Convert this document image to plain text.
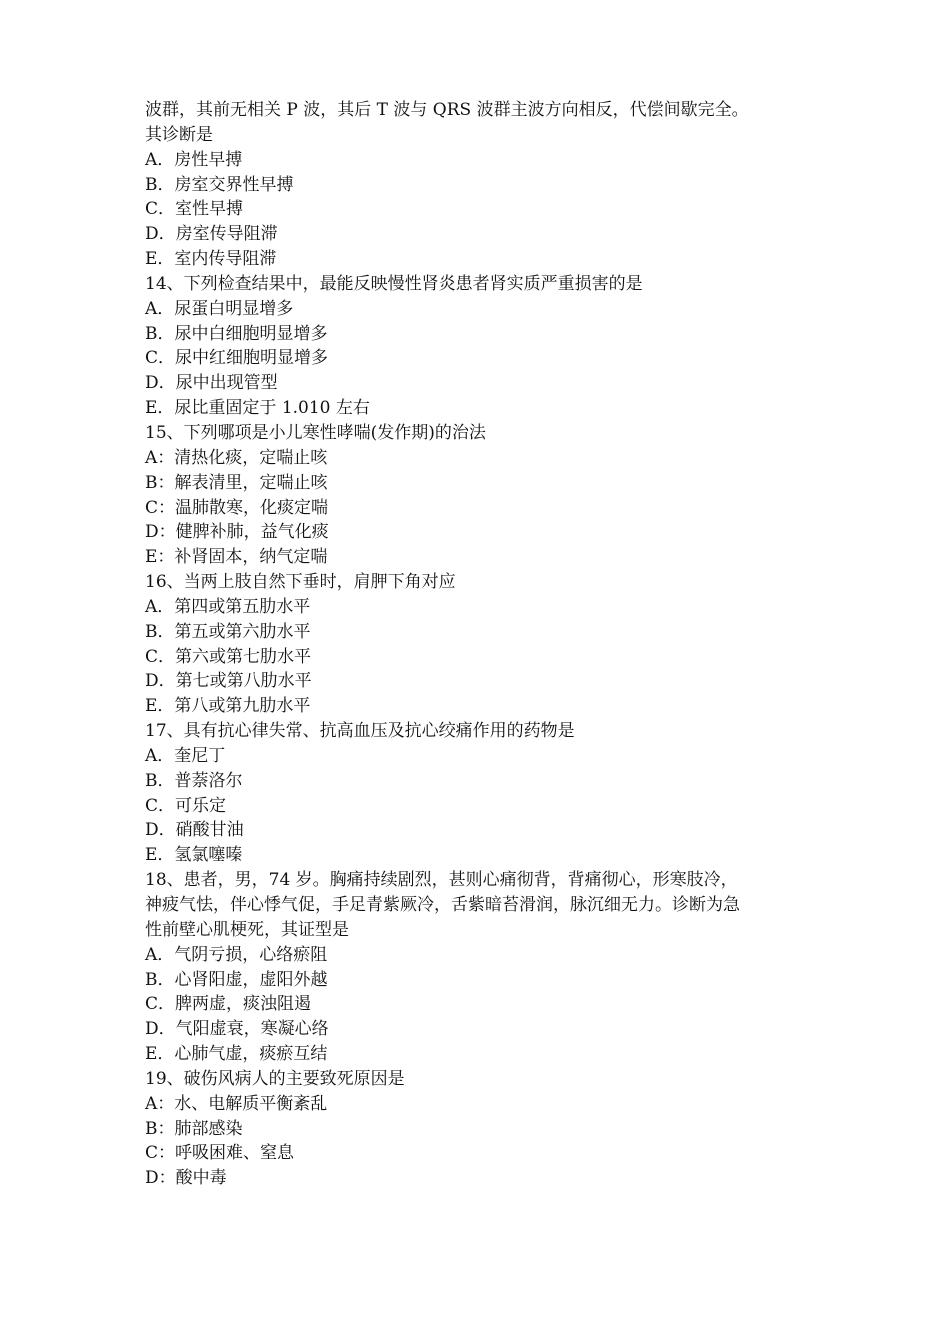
波群，其前无相关 P 波，其后 T 波与 QRS 波群主波方向相反，代偿间歇完全。
其诊断是
A．房性早搏
B．房室交界性早搏
C．室性早搏
D．房室传导阻滞
E．室内传导阻滞
14、下列检查结果中，最能反映慢性肾炎患者肾实质严重损害的是
A．尿蛋白明显增多
B．尿中白细胞明显增多
C．尿中红细胞明显增多
D．尿中出现管型
E．尿比重固定于 1.010 左右
15、下列哪项是小儿寒性哮喘(发作期)的治法
A：清热化痰，定喘止咳
B：解表清里，定喘止咳
C：温肺散寒，化痰定喘
D：健脾补肺，益气化痰
E：补肾固本，纳气定喘
16、当两上肢自然下垂时，肩胛下角对应
A．第四或第五肋水平
B．第五或第六肋水平
C．第六或第七肋水平
D．第七或第八肋水平
E．第八或第九肋水平
17、具有抗心律失常、抗高血压及抗心绞痛作用的药物是
A．奎尼丁
B．普萘洛尔
C．可乐定
D．硝酸甘油
E．氢氯噻嗪
18、患者，男，74 岁。胸痛持续剧烈，甚则心痛彻背，背痛彻心，形寒肢冷，
神疲气怯，伴心悸气促，手足青紫厥冷，舌紫暗苔滑润，脉沉细无力。诊断为急
性前壁心肌梗死，其证型是
A．气阴亏损，心络瘀阻
B．心肾阳虚，虚阳外越
C．脾两虚，痰浊阻遏
D．气阳虚衰，寒凝心络
E．心肺气虚，痰瘀互结
19、破伤风病人的主要致死原因是
A：水、电解质平衡紊乱
B：肺部感染
C：呼吸困难、窒息
D：酸中毒
